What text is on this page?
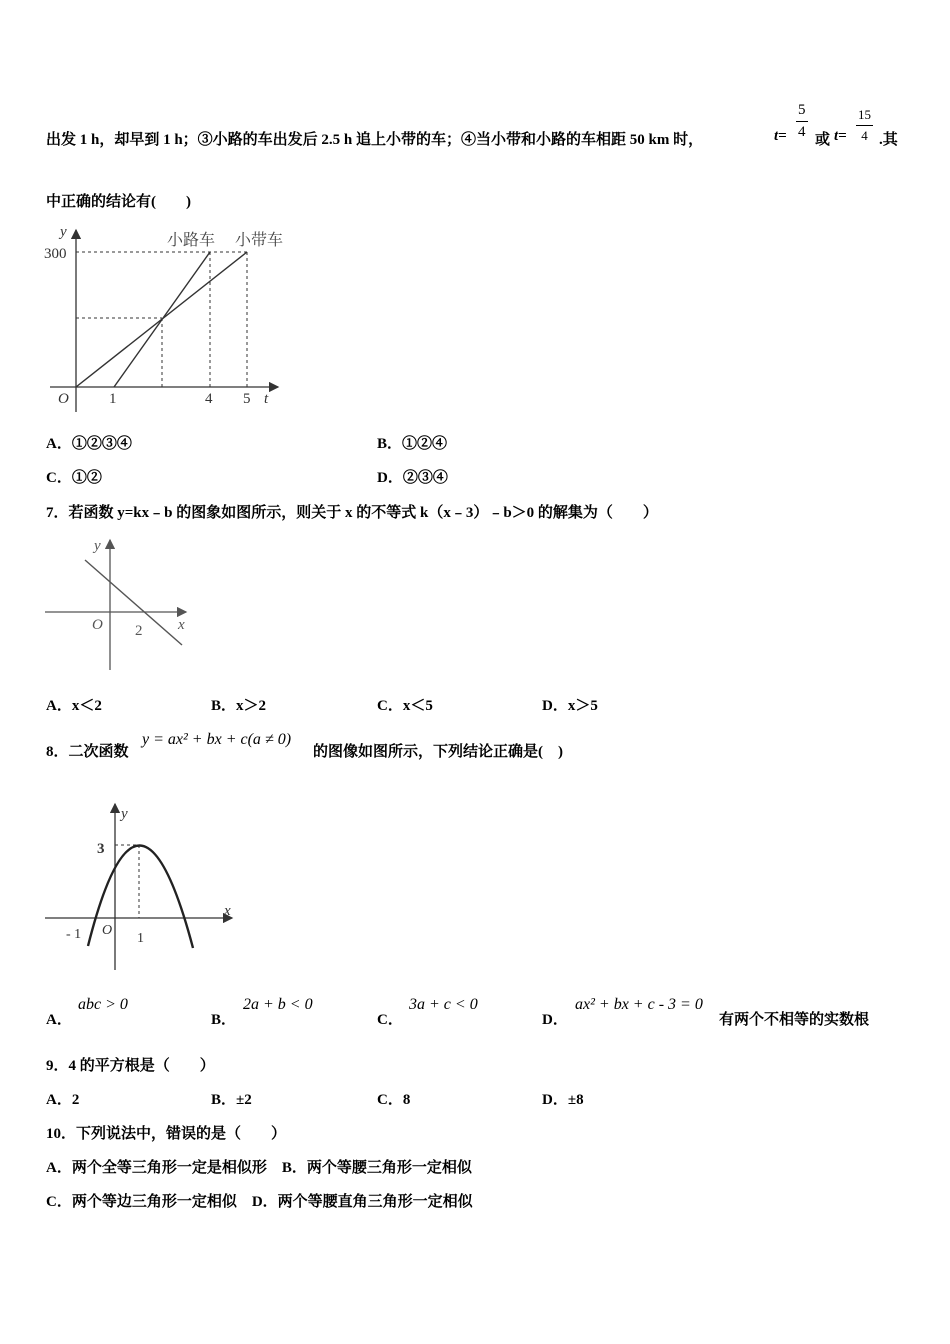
出发 1 h，却早到 1 h；③小路的车出发后 2.5 h 追上小带的车；④当小带和小路的车相距 50 km 时，	t=
5
4 或 t=
15
4 .其
中正确的结论有(　　)
y
300
O	1	4 5 t
小路车 小带车
A．①②③④	B．①②④
C．①②	D．②③④
7．若函数 y=kx﹣b 的图象如图所示，则关于 x 的不等式 k（x﹣3）﹣b＞0 的解集为（　　）
y
O 2 x
A．x＜2	B．x＞2	C．x＜5	D．x＞5
8．二次函数
y = ax² + bx + c(a ≠ 0)
的图像如图所示，下列结论正确是(　)
y
3
O
- 1	1
x
A．
abc > 0
B．
2a + b < 0
C．
3a + c < 0
D．
ax² + bx + c - 3 = 0
有两个不相等的实数根
9．4 的平方根是（　　）
A．2	B．±2	C．8	D．±8
10．下列说法中，错误的是（　　）
A．两个全等三角形一定是相似形　B．两个等腰三角形一定相似
C．两个等边三角形一定相似　D．两个等腰直角三角形一定相似
